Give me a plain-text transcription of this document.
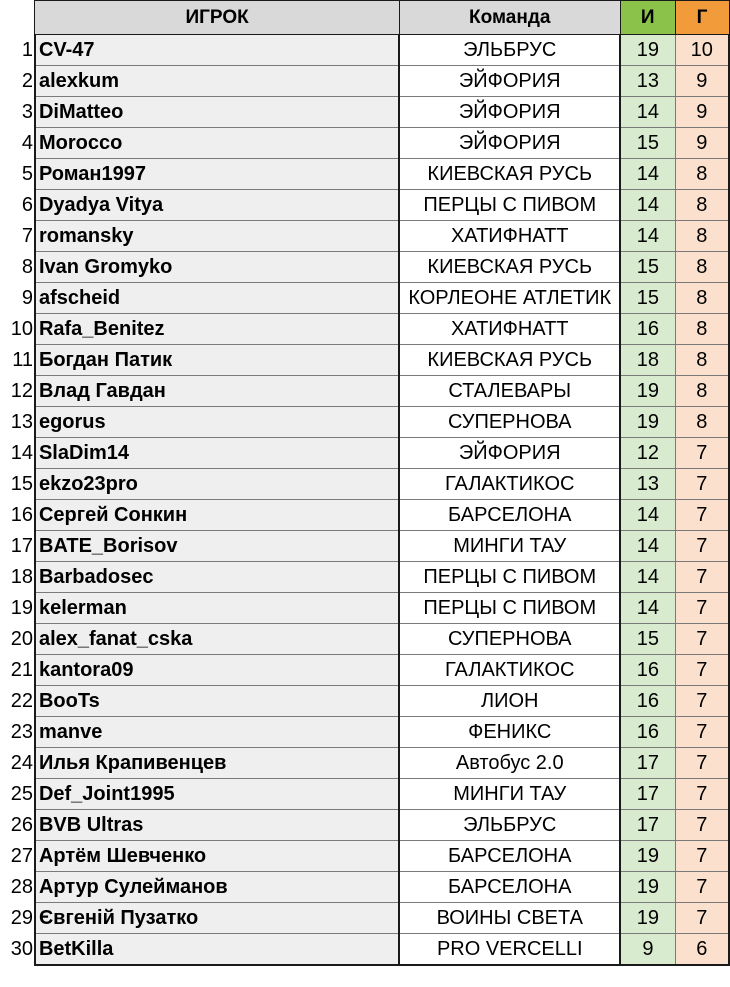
	ИГРОК	Команда	И	Г
1	CV-47	ЭЛЬБРУС	19	10
2	alexkum	ЭЙФОРИЯ	13	9
3	DiMatteo	ЭЙФОРИЯ	14	9
4	Morocco	ЭЙФОРИЯ	15	9
5	Роман1997	КИЕВСКАЯ РУСЬ	14	8
6	Dyadya Vitya	ПЕРЦЫ С ПИВОМ	14	8
7	romansky	ХАТИФНАТТ	14	8
8	Ivan Gromyko	КИЕВСКАЯ РУСЬ	15	8
9	afscheid	КОРЛЕОНЕ АТЛЕТИК	15	8
10	Rafa_Benitez	ХАТИФНАТТ	16	8
11	Богдан Патик	КИЕВСКАЯ РУСЬ	18	8
12	Влад Гавдан	СТАЛЕВАРЫ	19	8
13	egorus	СУПЕРНОВА	19	8
14	SlaDim14	ЭЙФОРИЯ	12	7
15	ekzo23pro	ГАЛАКТИКОС	13	7
16	Сергей Сонкин	БАРСЕЛОНА	14	7
17	BATE_Borisov	МИНГИ ТАУ	14	7
18	Barbadosec	ПЕРЦЫ С ПИВОМ	14	7
19	kelerman	ПЕРЦЫ С ПИВОМ	14	7
20	alex_fanat_cska	СУПЕРНОВА	15	7
21	kantora09	ГАЛАКТИКОС	16	7
22	BooTs	ЛИОН	16	7
23	manve	ФЕНИКС	16	7
24	Илья Крапивенцев	Автобус 2.0	17	7
25	Def_Joint1995	МИНГИ ТАУ	17	7
26	BVB Ultras	ЭЛЬБРУС	17	7
27	Артём Шевченко	БАРСЕЛОНА	19	7
28	Артур Сулейманов	БАРСЕЛОНА	19	7
29	Євгеній Пузатко	ВОИНЫ СВЕТА	19	7
30	BetKilla	PRO VERCELLI	9	6
